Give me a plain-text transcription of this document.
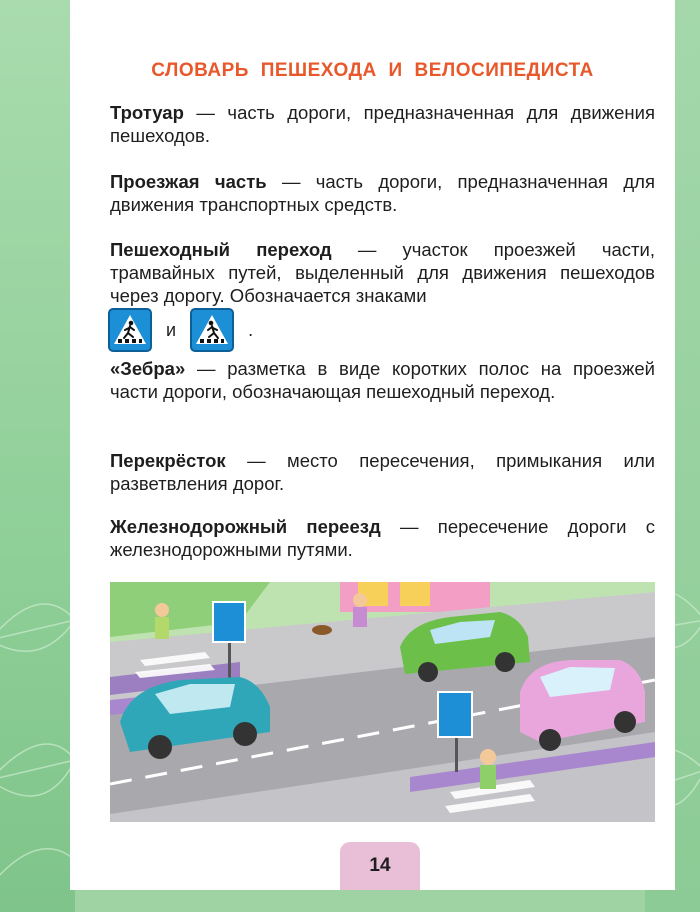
СЛОВАРЬ ПЕШЕХОДА И ВЕЛОСИПЕДИСТА
Тротуар — часть дороги, предназначенная для движения пешеходов.
Проезжая часть — часть дороги, предназначенная для движения транспортных средств.
Пешеходный переход — участок проезжей части, трамвайных путей, выделенный для движения пешеходов через дорогу. Обозначается знаками
и	.
«Зебра» — разметка в виде коротких полос на проезжей части дороги, обозначающая пешеходный переход.
Перекрёсток — место пересечения, примыкания или разветвления дорог.
Железнодорожный переезд — пересечение дороги с железнодорожными путями.
14
